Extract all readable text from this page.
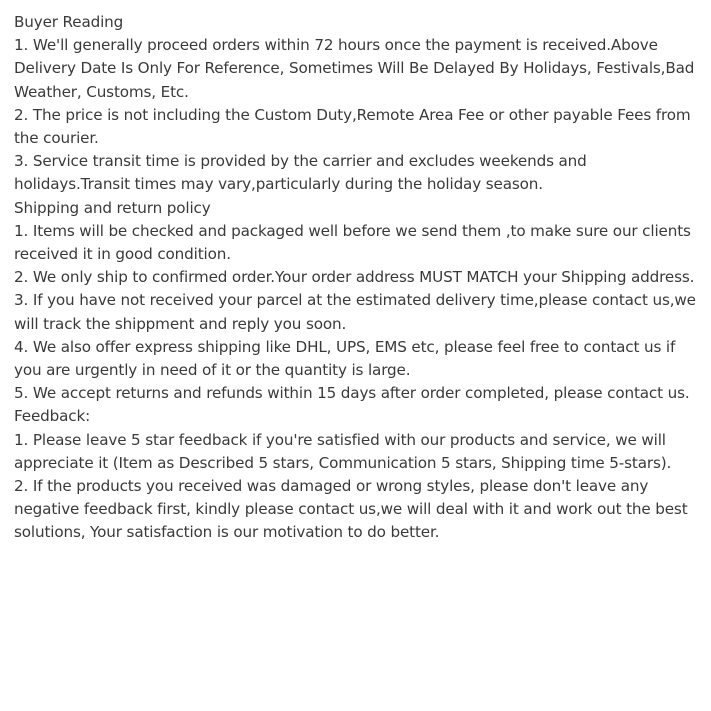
Buyer Reading

1. We'll generally proceed orders within 72 hours once the payment is received.Above Delivery Date Is Only For Reference, Sometimes Will Be Delayed By Holidays, Festivals,Bad Weather, Customs, Etc.

2. The price is not including the Custom Duty,Remote Area Fee or other payable Fees from the courier.

3. Service transit time is provided by the carrier and excludes weekends and holidays.Transit times may vary,particularly during the holiday season.

Shipping and return policy

1. Items will be checked and packaged well before we send them ,to make sure our clients received it in good condition.

2. We only ship to confirmed order.Your order address MUST MATCH your Shipping address.

3. If you have not received your parcel at the estimated delivery time,please contact us,we will track the shippment and reply you soon.

4. We also offer express shipping like DHL, UPS, EMS etc, please feel free to contact us if you are urgently in need of it or the quantity is large.

5. We accept returns and refunds within 15 days after order completed, please contact us.

Feedback:

1. Please leave 5 star feedback if you're satisfied with our products and service, we will appreciate it (Item as Described 5 stars, Communication 5 stars, Shipping time 5-stars).

2. If the products you received was damaged or wrong styles, please don't leave any negative feedback first, kindly please contact us,we will deal with it and work out the best solutions, Your satisfaction is our motivation to do better.
